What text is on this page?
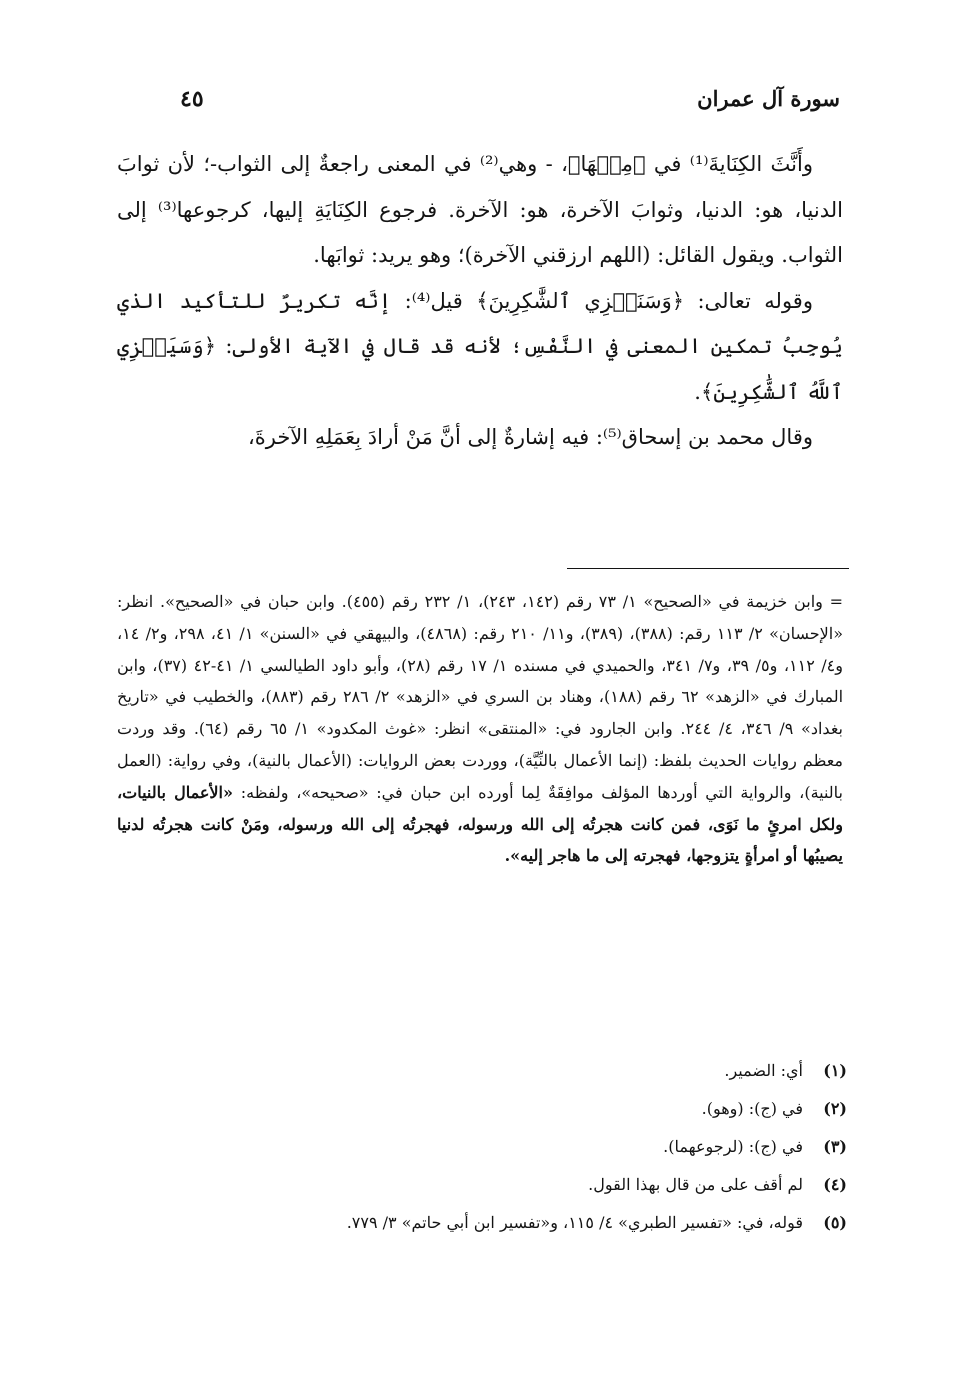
سورة آل عمران
٤٥

وأَنَّثَ الكِنَايةَ⁽¹⁾ في ﴿مِنۡهَا﴾، - وهي⁽²⁾ في المعنى راجعةٌ إلى الثواب-؛ لأن ثوابَ الدنيا، هو: الدنيا، وثوابَ الآخرة، هو: الآخرة. فرجوع الكِنَايَةِ إليها، كرجوعها⁽³⁾ إلى الثواب. ويقول القائل: (اللهم ارزقني الآخرة)؛ وهو يريد: ثوابَها.

وقوله تعالى: ﴿وَسَنَجۡزِي ٱلشَّٰكِرِينَ﴾ قيل⁽⁴⁾: إنَّه تكريرٌ للتأكيد الذي يُوجِبُ تمكين المعنى في النَّفْسِ؛ لأنه قد قال في الآية الأولى: ﴿وَسَيَجۡزِي ٱللَّهُ ٱلشَّٰكِرِينَ﴾.

وقال محمد بن إسحاق⁽⁵⁾: فيه إشارةٌ إلى أنَّ مَنْ أرادَ بِعَمَلِهِ الآخرةَ،

= وابن خزيمة في «الصحيح» ١/ ٧٣ رقم (١٤٢، ٢٤٣)، ١/ ٢٣٢ رقم (٤٥٥). وابن حبان في «الصحيح». انظر: «الإحسان» ٢/ ١١٣ رقم: (٣٨٨)، (٣٨٩)، و١١/ ٢١٠ رقم: (٤٨٦٨)، والبيهقي في «السنن» ١/ ٤١، ٢٩٨، و٢/ ١٤، و٤/ ١١٢، و٥/ ٣٩، و٧/ ٣٤١، والحميدي في مسنده ١/ ١٧ رقم (٢٨)، وأبو داود الطيالسي ١/ ٤١-٤٢ (٣٧)، وابن المبارك في «الزهد» ٦٢ رقم (١٨٨)، وهناد بن السري في «الزهد» ٢/ ٢٨٦ رقم (٨٨٣)، والخطيب في «تاريخ بغداد» ٩/ ٣٤٦، ٤/ ٢٤٤. وابن الجارود في: «المنتقى» انظر: «غوث المكدود» ١/ ٦٥ رقم (٦٤). وقد وردت معظم روايات الحديث بلفظ: (إنما الأعمال بالنِّيَّة)، ووردت بعض الروايات: (الأعمال بالنية)، وفي رواية: (العمل بالنية)، والرواية التي أوردها المؤلف موافِقَةٌ لِما أورده ابن حبان في: «صحيحه»، ولفظه: «الأعمال بالنيات، ولكل امرئٍ ما نَوَى، فمن كانت هجرتُه إلى الله ورسوله، فهجرتُه إلى الله ورسوله، ومَنْ كانت هجرتُه لدنيا يصيبُها أو امرأةٍ يتزوجها، فهجرته إلى ما هاجر إليه».

(١)
أي: الضمير.
(٢)
في (ج): (وهو).
(٣)
في (ج): (لرجوعهما).
(٤)
لم أقف على من قال بهذا القول.
(٥)
قوله، في: «تفسير الطبري» ٤/ ١١٥، و«تفسير ابن أبي حاتم» ٣/ ٧٧٩.
